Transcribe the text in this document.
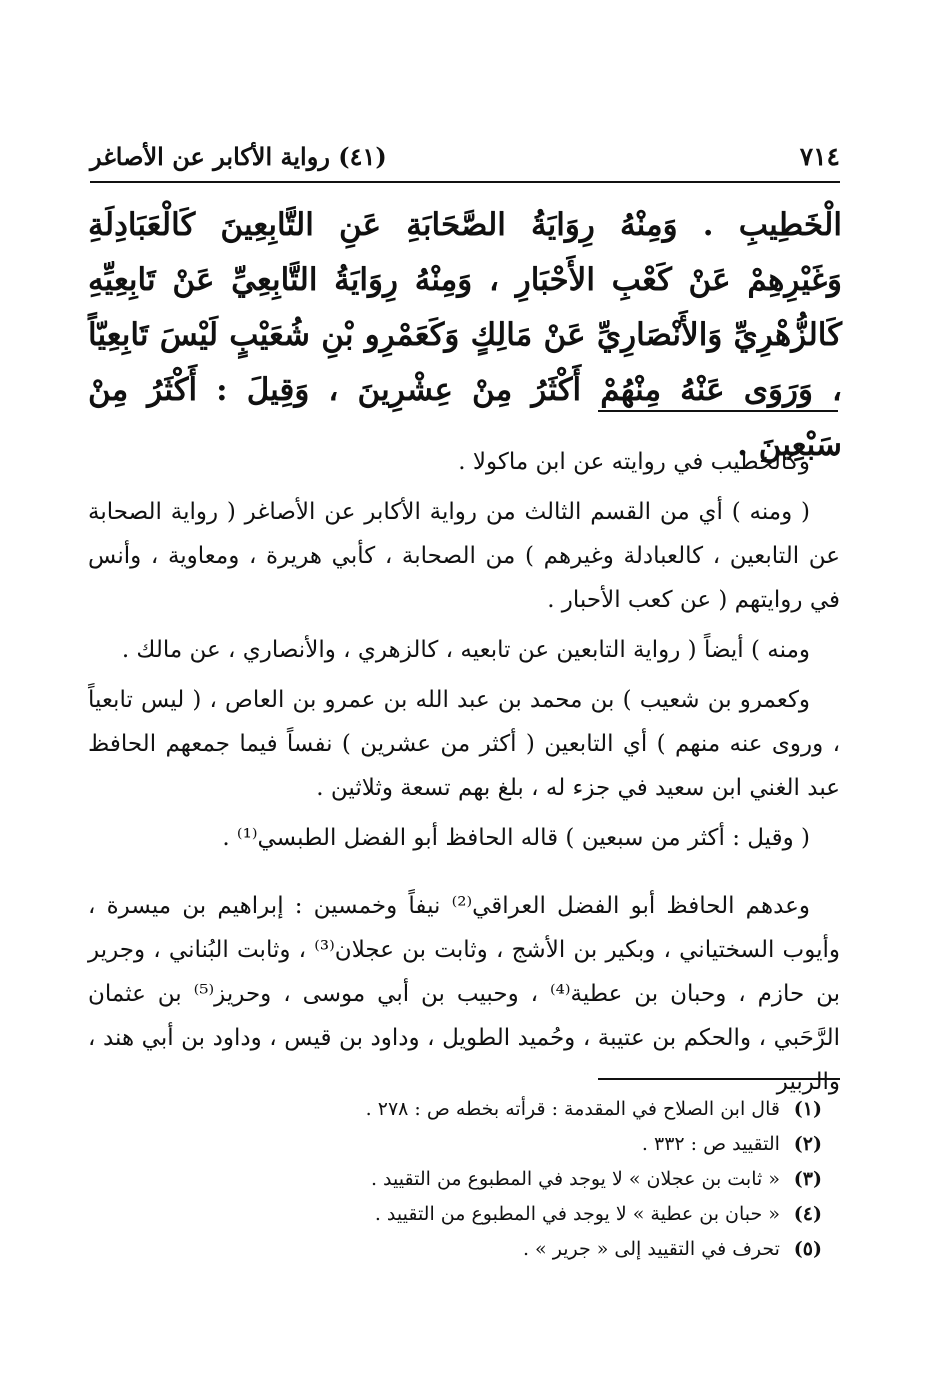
٧١٤
(٤١) رواية الأكابر عن الأصاغر
الْخَطِيبِ . وَمِنْهُ رِوَايَةُ الصَّحَابَةِ عَنِ التَّابِعِينَ كَالْعَبَادِلَةِ وَغَيْرِهِمْ عَنْ كَعْبِ الأَحْبَارِ ، وَمِنْهُ رِوَايَةُ التَّابِعِيِّ عَنْ تَابِعِيِّهِ كَالزُّهْرِيِّ وَالأَنْصَارِيِّ عَنْ مَالِكٍ وَكَعَمْرِو بْنِ شُعَيْبٍ لَيْسَ تَابِعِيّاً ، وَرَوَى عَنْهُ مِنْهُمْ أَكْثَرُ مِنْ عِشْرِينَ ، وَقِيلَ : أَكْثَرُ مِنْ سَبْعِينَ .

وكالخطيب في روايته عن ابن ماكولا .

( ومنه ) أي من القسم الثالث من رواية الأكابر عن الأصاغر ( رواية الصحابة عن التابعين ، كالعبادلة وغيرهم ) من الصحابة ، كأبي هريرة ، ومعاوية ، وأنس في روايتهم ( عن كعب الأحبار .

ومنه ) أيضاً ( رواية التابعين عن تابعيه ، كالزهري ، والأنصاري ، عن مالك .

وكعمرو بن شعيب ) بن محمد بن عبد الله بن عمرو بن العاص ، ( ليس تابعياً ، وروى عنه منهم ) أي التابعين ( أكثر من عشرين ) نفساً فيما جمعهم الحافظ عبد الغني ابن سعيد في جزء له ، بلغ بهم تسعة وثلاثين .

( وقيل : أكثر من سبعين ) قاله الحافظ أبو الفضل الطبسي⁽¹⁾ .

وعدهم الحافظ أبو الفضل العراقي⁽²⁾ نيفاً وخمسين : إبراهيم بن ميسرة ، وأيوب السختياني ، وبكير بن الأشج ، وثابت بن عجلان⁽³⁾ ، وثابت البُناني ، وجرير بن حازم ، وحبان بن عطية⁽⁴⁾ ، وحبيب بن أبي موسى ، وحريز⁽⁵⁾ بن عثمان الرَّحَبي ، والحكم بن عتيبة ، وحُميد الطويل ، وداود بن قيس ، وداود بن أبي هند ، والزبير

(١) قال ابن الصلاح في المقدمة : قرأته بخطه ص : ٢٧٨ .
(٢) التقييد ص : ٣٣٢ .
(٣) « ثابت بن عجلان » لا يوجد في المطبوع من التقييد .
(٤) « حبان بن عطية » لا يوجد في المطبوع من التقييد .
(٥) تحرف في التقييد إلى « جرير » .
